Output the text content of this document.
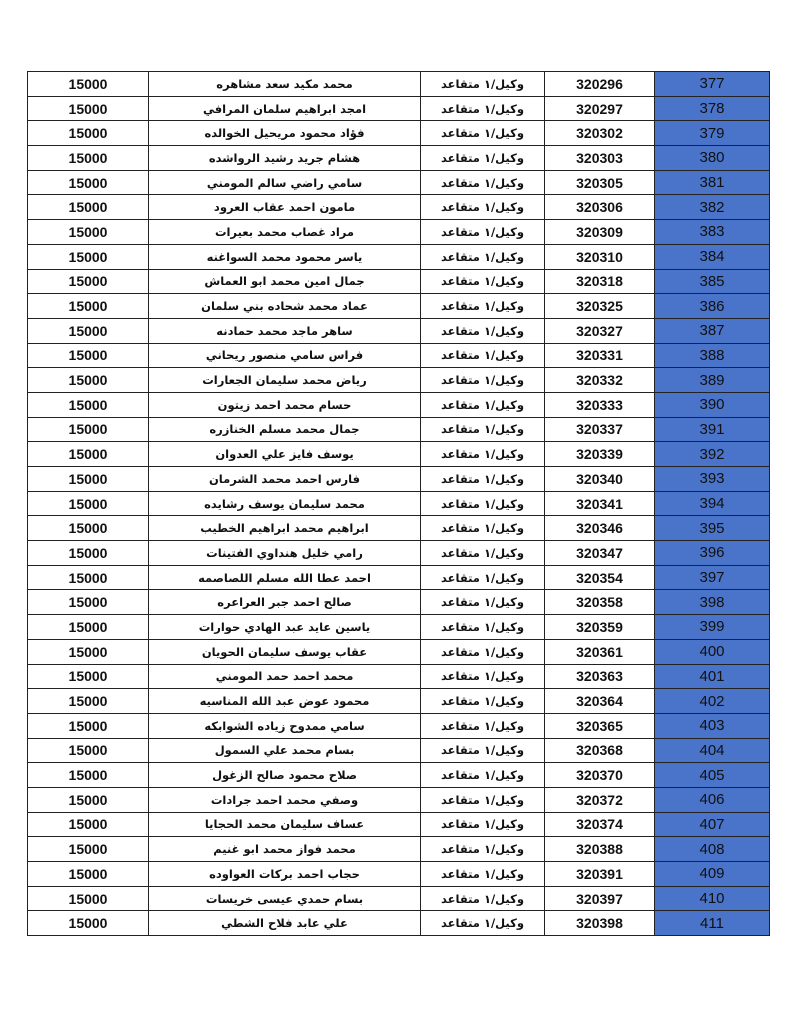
15000	محمد مكيد سعد مشاهره	وكيل/١ متقاعد	320296	377
15000	امجد ابراهيم سلمان المرافي	وكيل/١ متقاعد	320297	378
15000	فؤاد محمود مريحيل الخوالده	وكيل/١ متقاعد	320302	379
15000	هشام جريد رشيد الرواشده	وكيل/١ متقاعد	320303	380
15000	سامي راضي سالم المومني	وكيل/١ متقاعد	320305	381
15000	مامون احمد عقاب العرود	وكيل/١ متقاعد	320306	382
15000	مراد غصاب محمد بعيرات	وكيل/١ متقاعد	320309	383
15000	ياسر محمود محمد السواغنه	وكيل/١ متقاعد	320310	384
15000	جمال امين محمد ابو العماش	وكيل/١ متقاعد	320318	385
15000	عماد محمد شحاده بني سلمان	وكيل/١ متقاعد	320325	386
15000	ساهر ماجد محمد حمادنه	وكيل/١ متقاعد	320327	387
15000	فراس سامي منصور ريحاني	وكيل/١ متقاعد	320331	388
15000	رياض محمد سليمان الجعارات	وكيل/١ متقاعد	320332	389
15000	حسام محمد احمد زيتون	وكيل/١ متقاعد	320333	390
15000	جمال محمد مسلم الخنازره	وكيل/١ متقاعد	320337	391
15000	يوسف فايز علي العدوان	وكيل/١ متقاعد	320339	392
15000	فارس احمد محمد الشرمان	وكيل/١ متقاعد	320340	393
15000	محمد سليمان يوسف رشايده	وكيل/١ متقاعد	320341	394
15000	ابراهيم محمد ابراهيم الخطيب	وكيل/١ متقاعد	320346	395
15000	رامي خليل هنداوي الفتينات	وكيل/١ متقاعد	320347	396
15000	احمد عطا الله مسلم اللصاصمه	وكيل/١ متقاعد	320354	397
15000	صالح احمد جبر العراعره	وكيل/١ متقاعد	320358	398
15000	ياسين عايد عبد الهادي حوارات	وكيل/١ متقاعد	320359	399
15000	عقاب يوسف سليمان الحويان	وكيل/١ متقاعد	320361	400
15000	محمد احمد حمد المومني	وكيل/١ متقاعد	320363	401
15000	محمود عوض عبد الله المناسيه	وكيل/١ متقاعد	320364	402
15000	سامي ممدوح زياده الشوابكه	وكيل/١ متقاعد	320365	403
15000	بسام محمد علي السمول	وكيل/١ متقاعد	320368	404
15000	صلاح محمود صالح الزغول	وكيل/١ متقاعد	320370	405
15000	وصفي محمد احمد جرادات	وكيل/١ متقاعد	320372	406
15000	عساف سليمان محمد الحجايا	وكيل/١ متقاعد	320374	407
15000	محمد فواز محمد ابو غنيم	وكيل/١ متقاعد	320388	408
15000	حجاب احمد بركات العواوده	وكيل/١ متقاعد	320391	409
15000	بسام حمدي عيسى خريسات	وكيل/١ متقاعد	320397	410
15000	علي عابد فلاح الشطي	وكيل/١ متقاعد	320398	411
